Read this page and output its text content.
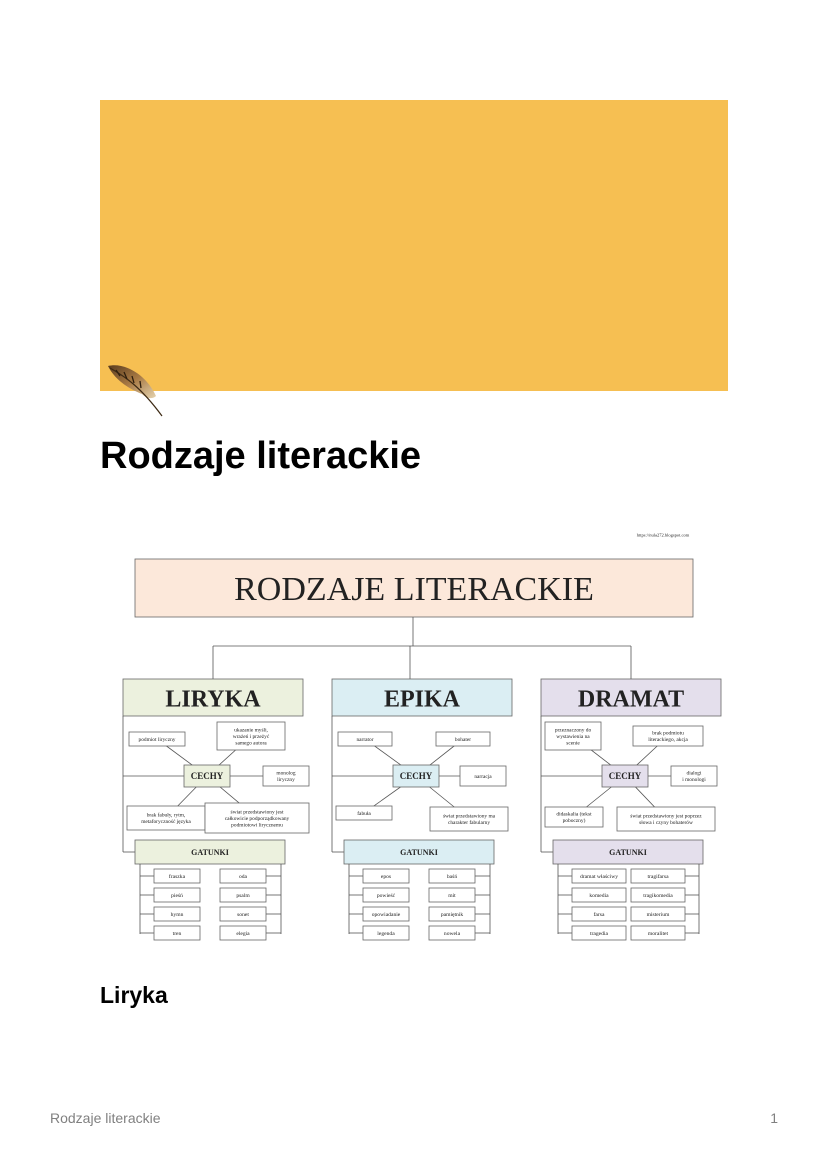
Rodzaje literackie
https://nula272.blogspot.com
RODZAJE LITERACKIE
LIRYKA
CECHY
podmiot liryczny
ukazanie myśli, wrażeń i przeżyć samego autora
monolog liryczny
brak fabuły, rytm, metaforyczność języka
świat przedstawiony jest całkowicie podporządkowany podmiotowi lirycznemu
GATUNKI
fraszka	oda
pieśń	psalm
hymn	sonet
tren	elegia
EPIKA
CECHY
narrator	bohater
narracja
fabuła	świat przedstawiony ma charakter fabularny
GATUNKI
epos	baśń
powieść	mit
opowiadanie	pamiętnik
legenda	nowela
DRAMAT
CECHY
przeznaczony do wystawienia na scenie
brak podmiotu literackiego, akcja
dialogi i monologi
didaskalia (tekst poboczny)
świat przedstawiony jest poprzez słowa i czyny bohaterów
GATUNKI
dramat właściwy	tragifarsa
komedia	tragikomedia
farsa	misterium
tragedia	moralitet
Liryka
Rodzaje literackie	1
